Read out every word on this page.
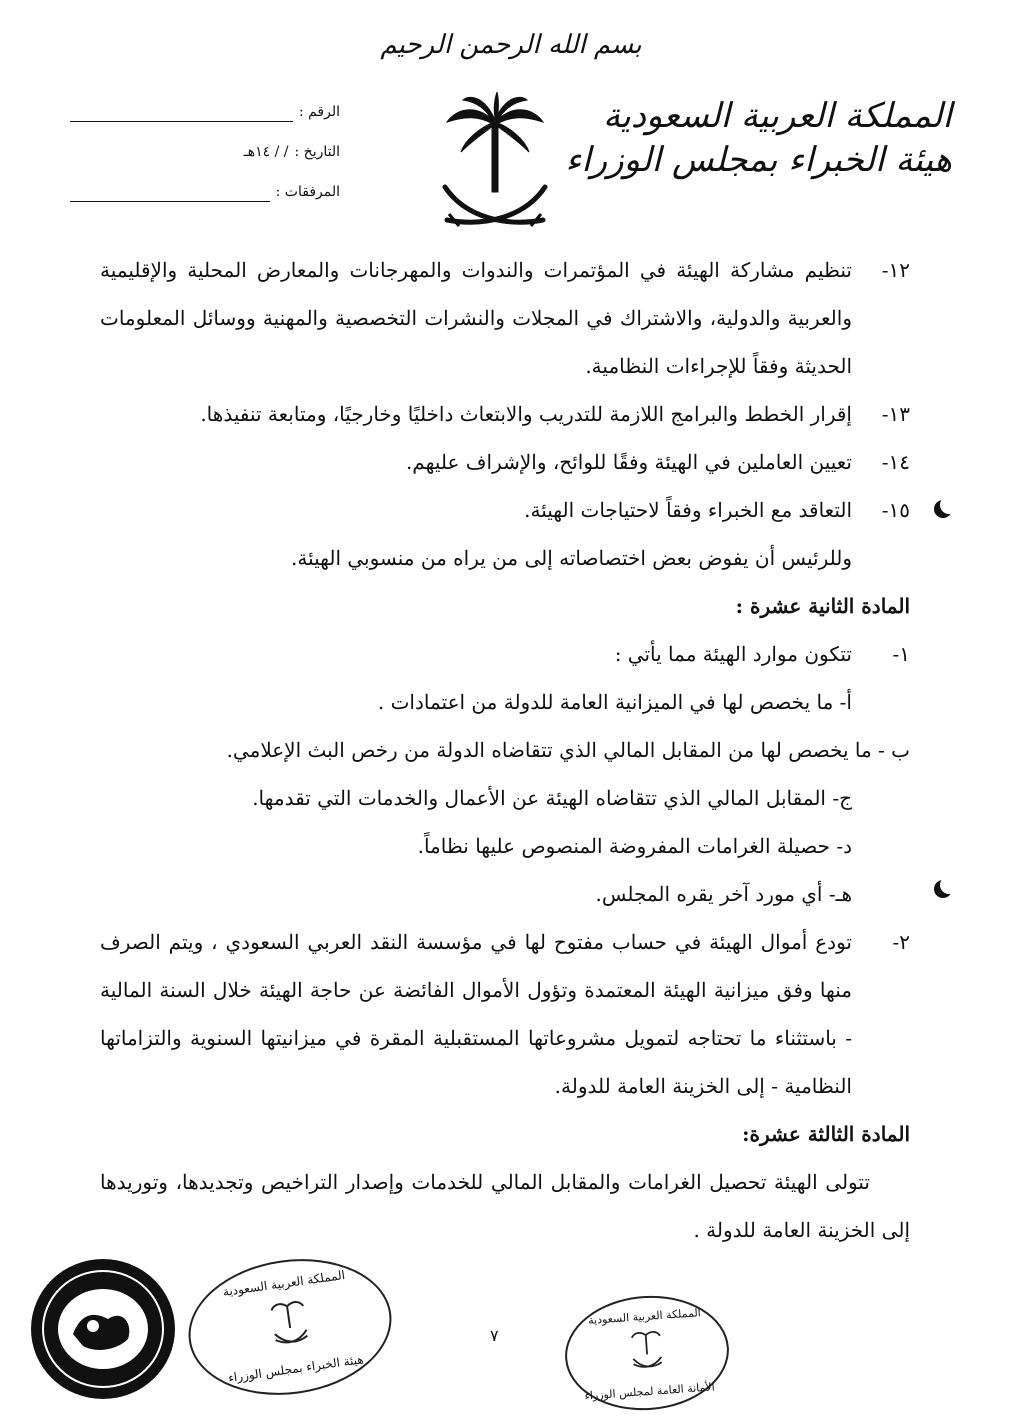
بسم الله الرحمن الرحيم
المملكة العربية السعودية
هيئة الخبراء بمجلس الوزراء
الرقم :
التاريخ :
/ / ١٤هـ
المرفقات :

١٢-تنظيم مشاركة الهيئة في المؤتمرات والندوات والمهرجانات والمعارض المحلية والإقليمية والعربية والدولية، والاشتراك في المجلات والنشرات التخصصية والمهنية ووسائل المعلومات الحديثة وفقاً للإجراءات النظامية.

١٣-إقرار الخطط والبرامج اللازمة للتدريب والابتعاث داخليًا وخارجيًا، ومتابعة تنفيذها.

١٤-تعيين العاملين في الهيئة وفقًا للوائح، والإشراف عليهم.

١٥-التعاقد مع الخبراء وفقاً لاحتياجات الهيئة.

وللرئيس أن يفوض بعض اختصاصاته إلى من يراه من منسوبي الهيئة.

المادة الثانية عشرة :

١-تتكون موارد الهيئة مما يأتي :

أ- ما يخصص لها في الميزانية العامة للدولة من اعتمادات .

ب - ما يخصص لها من المقابل المالي الذي تتقاضاه الدولة من رخص البث الإعلامي.

ج- المقابل المالي الذي تتقاضاه الهيئة عن الأعمال والخدمات التي تقدمها.

د- حصيلة الغرامات المفروضة المنصوص عليها نظاماً.

هـ- أي مورد آخر يقره المجلس.

٢-تودع أموال الهيئة في حساب مفتوح لها في مؤسسة النقد العربي السعودي ، ويتم الصرف منها وفق ميزانية الهيئة المعتمدة وتؤول الأموال الفائضة عن حاجة الهيئة خلال السنة المالية - باستثناء ما تحتاجه لتمويل مشروعاتها المستقبلية المقرة في ميزانيتها السنوية والتزاماتها النظامية - إلى الخزينة العامة للدولة.

المادة الثالثة عشرة:

تتولى الهيئة تحصيل الغرامات والمقابل المالي للخدمات وإصدار التراخيص وتجديدها، وتوريدها إلى الخزينة العامة للدولة .

٧
المملكة العربية السعودية
هيئة الخبراء بمجلس الوزراء
المملكة العربية السعودية
الأمانة العامة لمجلس الوزراء
